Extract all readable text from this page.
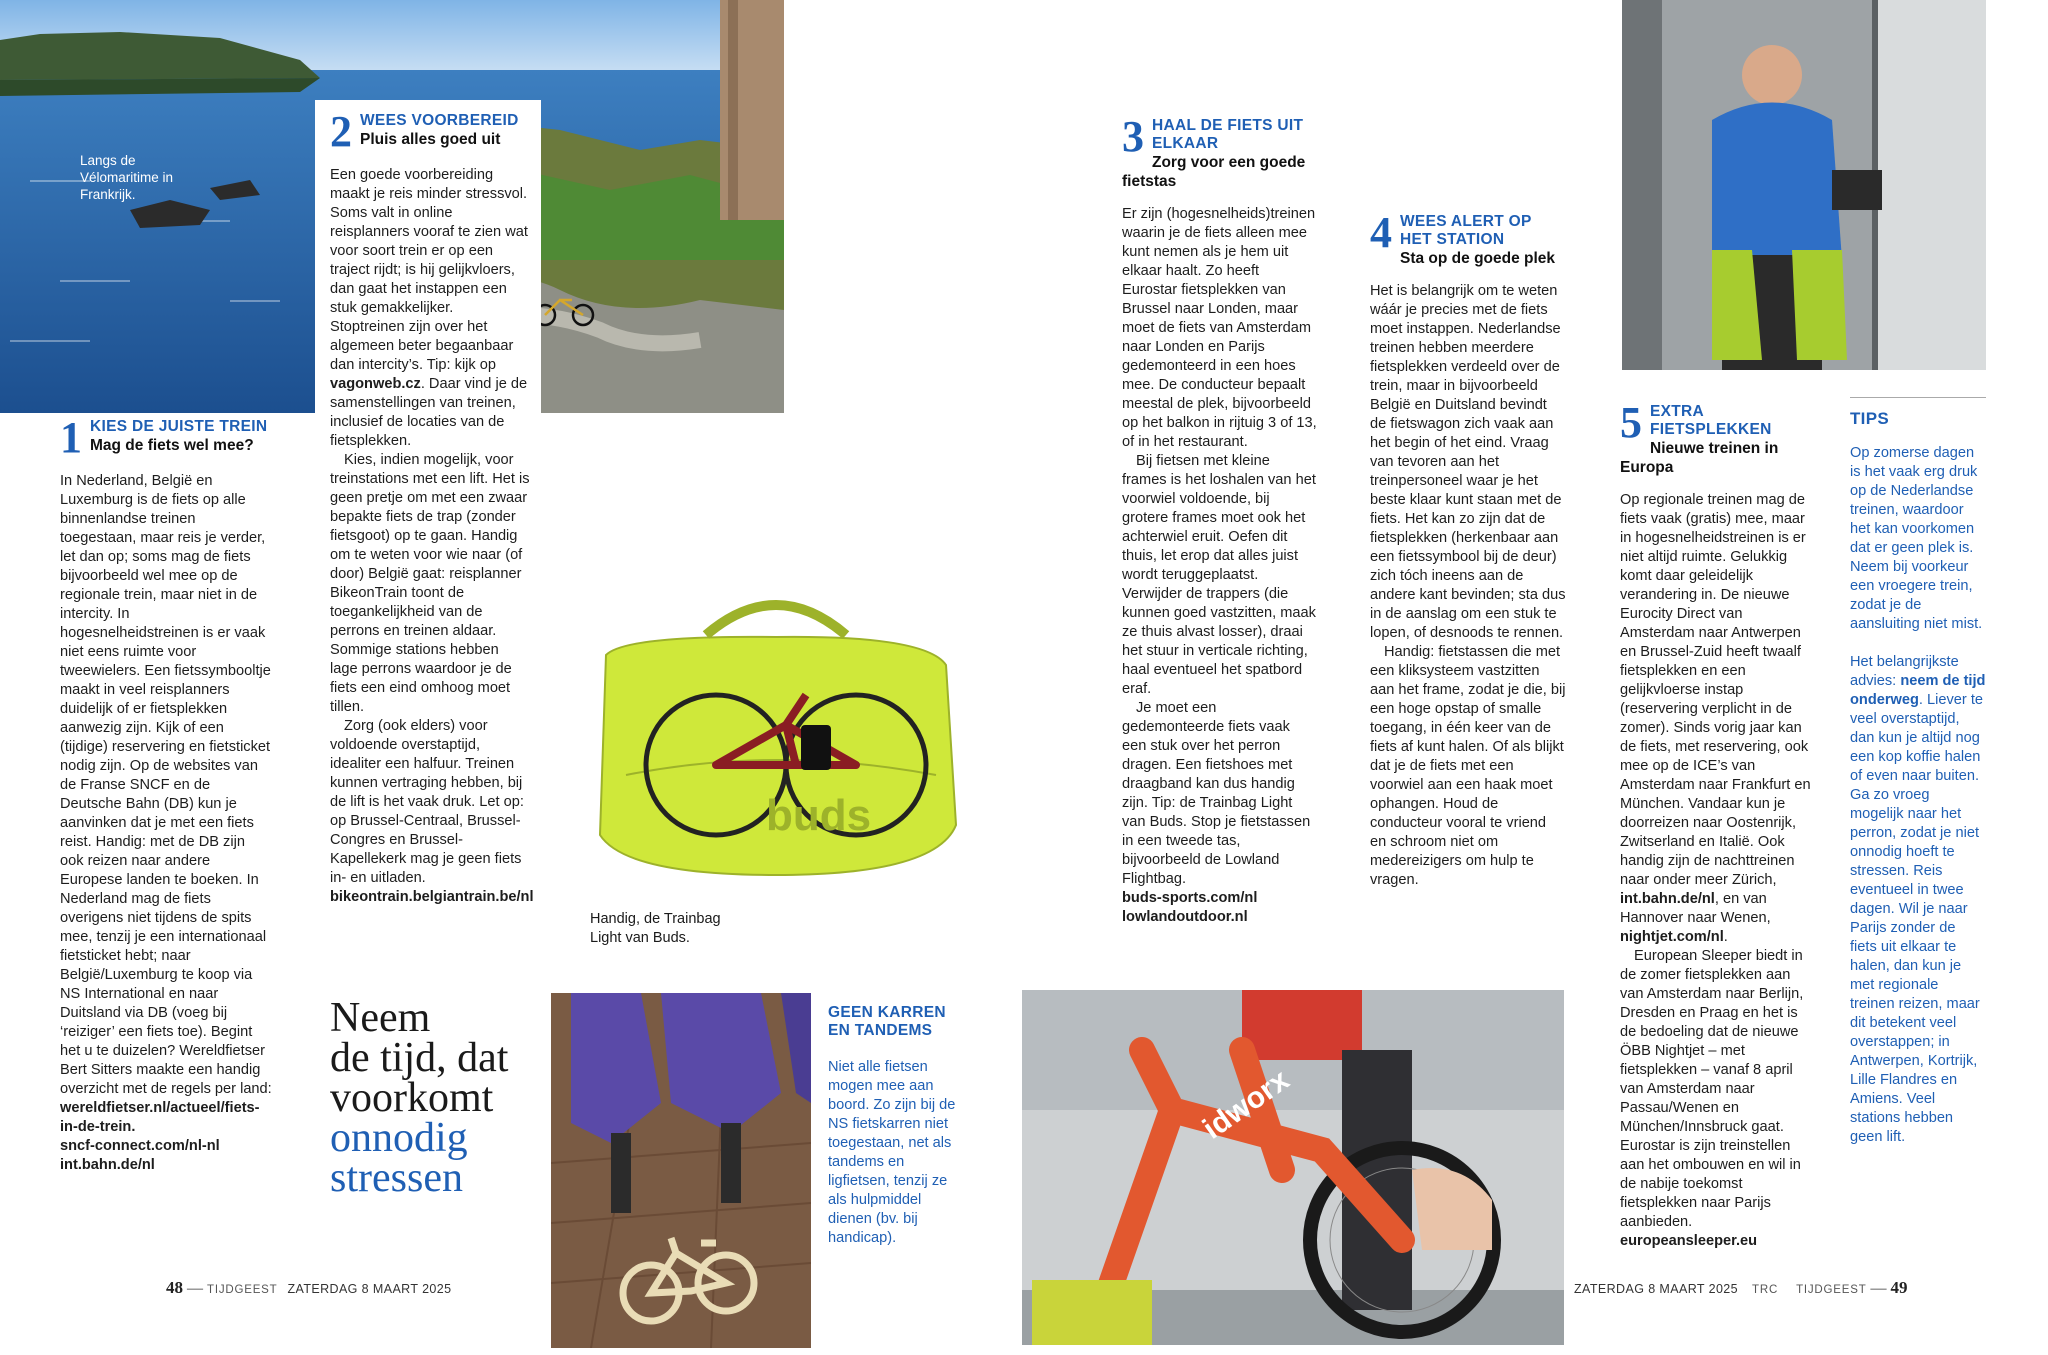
Langs de Vélomaritime in Frankrijk.
1 KIES DE JUISTE TREIN
Mag de fiets wel mee?

In Nederland, België en Luxemburg is de fiets op alle binnenlandse treinen toegestaan, maar reis je verder, let dan op; soms mag de fiets bijvoorbeeld wel mee op de regionale trein, maar niet in de intercity. In hogesnelheidstreinen is er vaak niet eens ruimte voor tweewielers. Een fietssymbooltje maakt in veel reisplanners duidelijk of er fietsplekken aanwezig zijn. Kijk of een (tijdige) reservering en fietsticket nodig zijn. Op de websites van de Franse SNCF en de Deutsche Bahn (DB) kun je aanvinken dat je met een fiets reist. Handig: met de DB zijn ook reizen naar andere Europese landen te boeken. In Nederland mag de fiets overigens niet tijdens de spits mee, tenzij je een internationaal fietsticket hebt; naar België/Luxemburg te koop via NS International en naar Duitsland via DB (voeg bij ‘reiziger’ een fiets toe). Begint het u te duizelen? Wereldfietser Bert Sitters maakte een handig overzicht met de regels per land:

wereldfietser.nl/actueel/fiets-in-de-trein.
sncf-connect.com/nl-nl
int.bahn.de/nl
2 WEES VOORBEREID
Pluis alles goed uit

Een goede voorbereiding maakt je reis minder stressvol. Soms valt in online reisplanners vooraf te zien wat voor soort trein er op een traject rijdt; is hij gelijkvloers, dan gaat het instappen een stuk gemakkelijker. Stoptreinen zijn over het algemeen beter begaanbaar dan intercity’s. Tip: kijk op vagonweb.cz. Daar vind je de samenstellingen van treinen, inclusief de locaties van de fietsplekken.

Kies, indien mogelijk, voor treinstations met een lift. Het is geen pretje om met een zwaar bepakte fiets de trap (zonder fietsgoot) op te gaan. Handig om te weten voor wie naar (of door) België gaat: reisplanner BikeonTrain toont de toegankelijkheid van de perrons en treinen aldaar. Sommige stations hebben lage perrons waardoor je de fiets een eind omhoog moet tillen.

Zorg (ook elders) voor voldoende overstaptijd, idealiter een halfuur. Treinen kunnen vertraging hebben, bij de lift is het vaak druk. Let op: op Brussel-Centraal, Brussel-Congres en Brussel-Kapellekerk mag je geen fiets in- en uitladen.

bikeontrain.belgiantrain.be/nl
Neem
de tijd, dat
voorkomt
onnodig
stressen
buds
Handig, de Trainbag Light van Buds.
GEEN KARREN EN TANDEMS
Niet alle fietsen mogen mee aan boord. Zo zijn bij de NS fietskarren niet toegestaan, net als tandems en ligfietsen, tenzij ze als hulpmiddel dienen (bv. bij handicap).
idworx
3 HAAL DE FIETS UIT ELKAAR
Zorg voor een goede fietstas

Er zijn (hogesnelheids)treinen waarin je de fiets alleen mee kunt nemen als je hem uit elkaar haalt. Zo heeft Eurostar fietsplekken van Brussel naar Londen, maar moet de fiets van Amsterdam naar Londen en Parijs gedemonteerd in een hoes mee. De conducteur bepaalt meestal de plek, bijvoorbeeld op het balkon in rijtuig 3 of 13, of in het restaurant.

Bij fietsen met kleine frames is het loshalen van het voorwiel voldoende, bij grotere frames moet ook het achterwiel eruit. Oefen dit thuis, let erop dat alles juist wordt teruggeplaatst. Verwijder de trappers (die kunnen goed vastzitten, maak ze thuis alvast losser), draai het stuur in verticale richting, haal eventueel het spatbord eraf.

Je moet een gedemonteerde fiets vaak een stuk over het perron dragen. Een fietshoes met draagband kan dus handig zijn. Tip: de Trainbag Light van Buds. Stop je fietstassen in een tweede tas, bijvoorbeeld de Lowland Flightbag.

buds-sports.com/nl
lowlandoutdoor.nl
4 WEES ALERT OP HET STATION
Sta op de goede plek

Het is belangrijk om te weten wáár je precies met de fiets moet instappen. Nederlandse treinen hebben meerdere fietsplekken verdeeld over de trein, maar in bijvoorbeeld België en Duitsland bevindt de fietswagon zich vaak aan het begin of het eind. Vraag van tevoren aan het treinpersoneel waar je het beste klaar kunt staan met de fiets. Het kan zo zijn dat de fietsplekken (herkenbaar aan een fietssymbool bij de deur) zich tóch ineens aan de andere kant bevinden; sta dus in de aanslag om een stuk te lopen, of desnoods te rennen.

Handig: fietstassen die met een kliksysteem vastzitten aan het frame, zodat je die, bij een hoge opstap of smalle toegang, in één keer van de fiets af kunt halen. Of als blijkt dat je de fiets met een voorwiel aan een haak moet ophangen. Houd de conducteur vooral te vriend en schroom niet om medereizigers om hulp te vragen.

5 EXTRA FIETSPLEKKEN
Nieuwe treinen in Europa

Op regionale treinen mag de fiets vaak (gratis) mee, maar in hogesnelheidstreinen is er niet altijd ruimte. Gelukkig komt daar geleidelijk verandering in. De nieuwe Eurocity Direct van Amsterdam naar Antwerpen en Brussel-Zuid heeft twaalf fietsplekken en een gelijkvloerse instap (reservering verplicht in de zomer). Sinds vorig jaar kan de fiets, met reservering, ook mee op de ICE’s van Amsterdam naar Frankfurt en München. Vandaar kun je doorreizen naar Oostenrijk, Zwitserland en Italië. Ook handig zijn de nachttreinen naar onder meer Zürich, int.bahn.de/nl, en van Hannover naar Wenen, nightjet.com/nl.

European Sleeper biedt in de zomer fietsplekken aan van Amsterdam naar Berlijn, Dresden en Praag en het is de bedoeling dat de nieuwe ÖBB Nightjet – met fietsplekken – vanaf 8 april van Amsterdam naar Passau/Wenen en München/Innsbruck gaat. Eurostar is zijn treinstellen aan het ombouwen en wil in de nabije toekomst fietsplekken naar Parijs aanbieden.

europeansleeper.eu
TIPS

Op zomerse dagen is het vaak erg druk op de Nederlandse treinen, waardoor het kan voorkomen dat er geen plek is. Neem bij voorkeur een vroegere trein, zodat je de aansluiting niet mist.

Het belangrijkste advies: neem de tijd onderweg. Liever te veel overstaptijd, dan kun je altijd nog een kop koffie halen of even naar buiten. Ga zo vroeg mogelijk naar het perron, zodat je niet onnodig hoeft te stressen. Reis eventueel in twee dagen. Wil je naar Parijs zonder de fiets uit elkaar te halen, dan kun je met regionale treinen reizen, maar dit betekent veel overstappen; in Antwerpen, Kortrijk, Lille Flandres en Amiens. Veel stations hebben geen lift.

48 — TIJDGEEST ZATERDAG 8 MAART 2025	ZATERDAG 8 MAART 2025 TRC TIJDGEEST — 49
